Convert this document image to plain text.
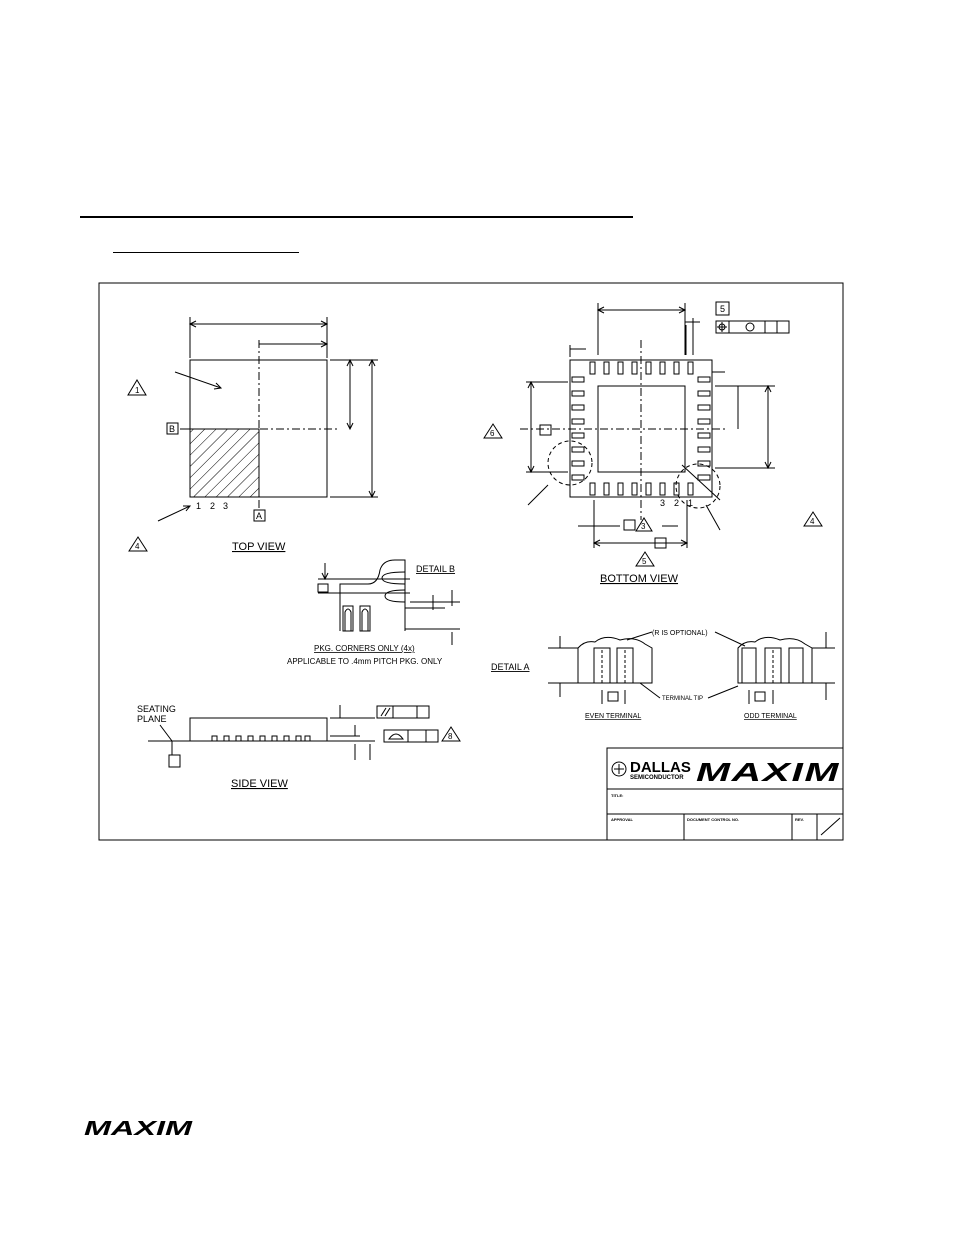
B
A
1
4
1 2 3
TOP VIEW
5
6
3
5
4
3 2 1
BOTTOM VIEW
DETAIL B
PKG. CORNERS ONLY (4x)
APPLICABLE TO .4mm PITCH PKG. ONLY
DETAIL A
(R IS OPTIONAL)
TERMINAL TIP
EVEN TERMINAL	ODD TERMINAL
SEATING
PLANE
8
SIDE VIEW
DALLAS
SEMICONDUCTOR MAXIM
TITLE:
APPROVAL	DOCUMENT CONTROL NO.	REV.
MAXIM
